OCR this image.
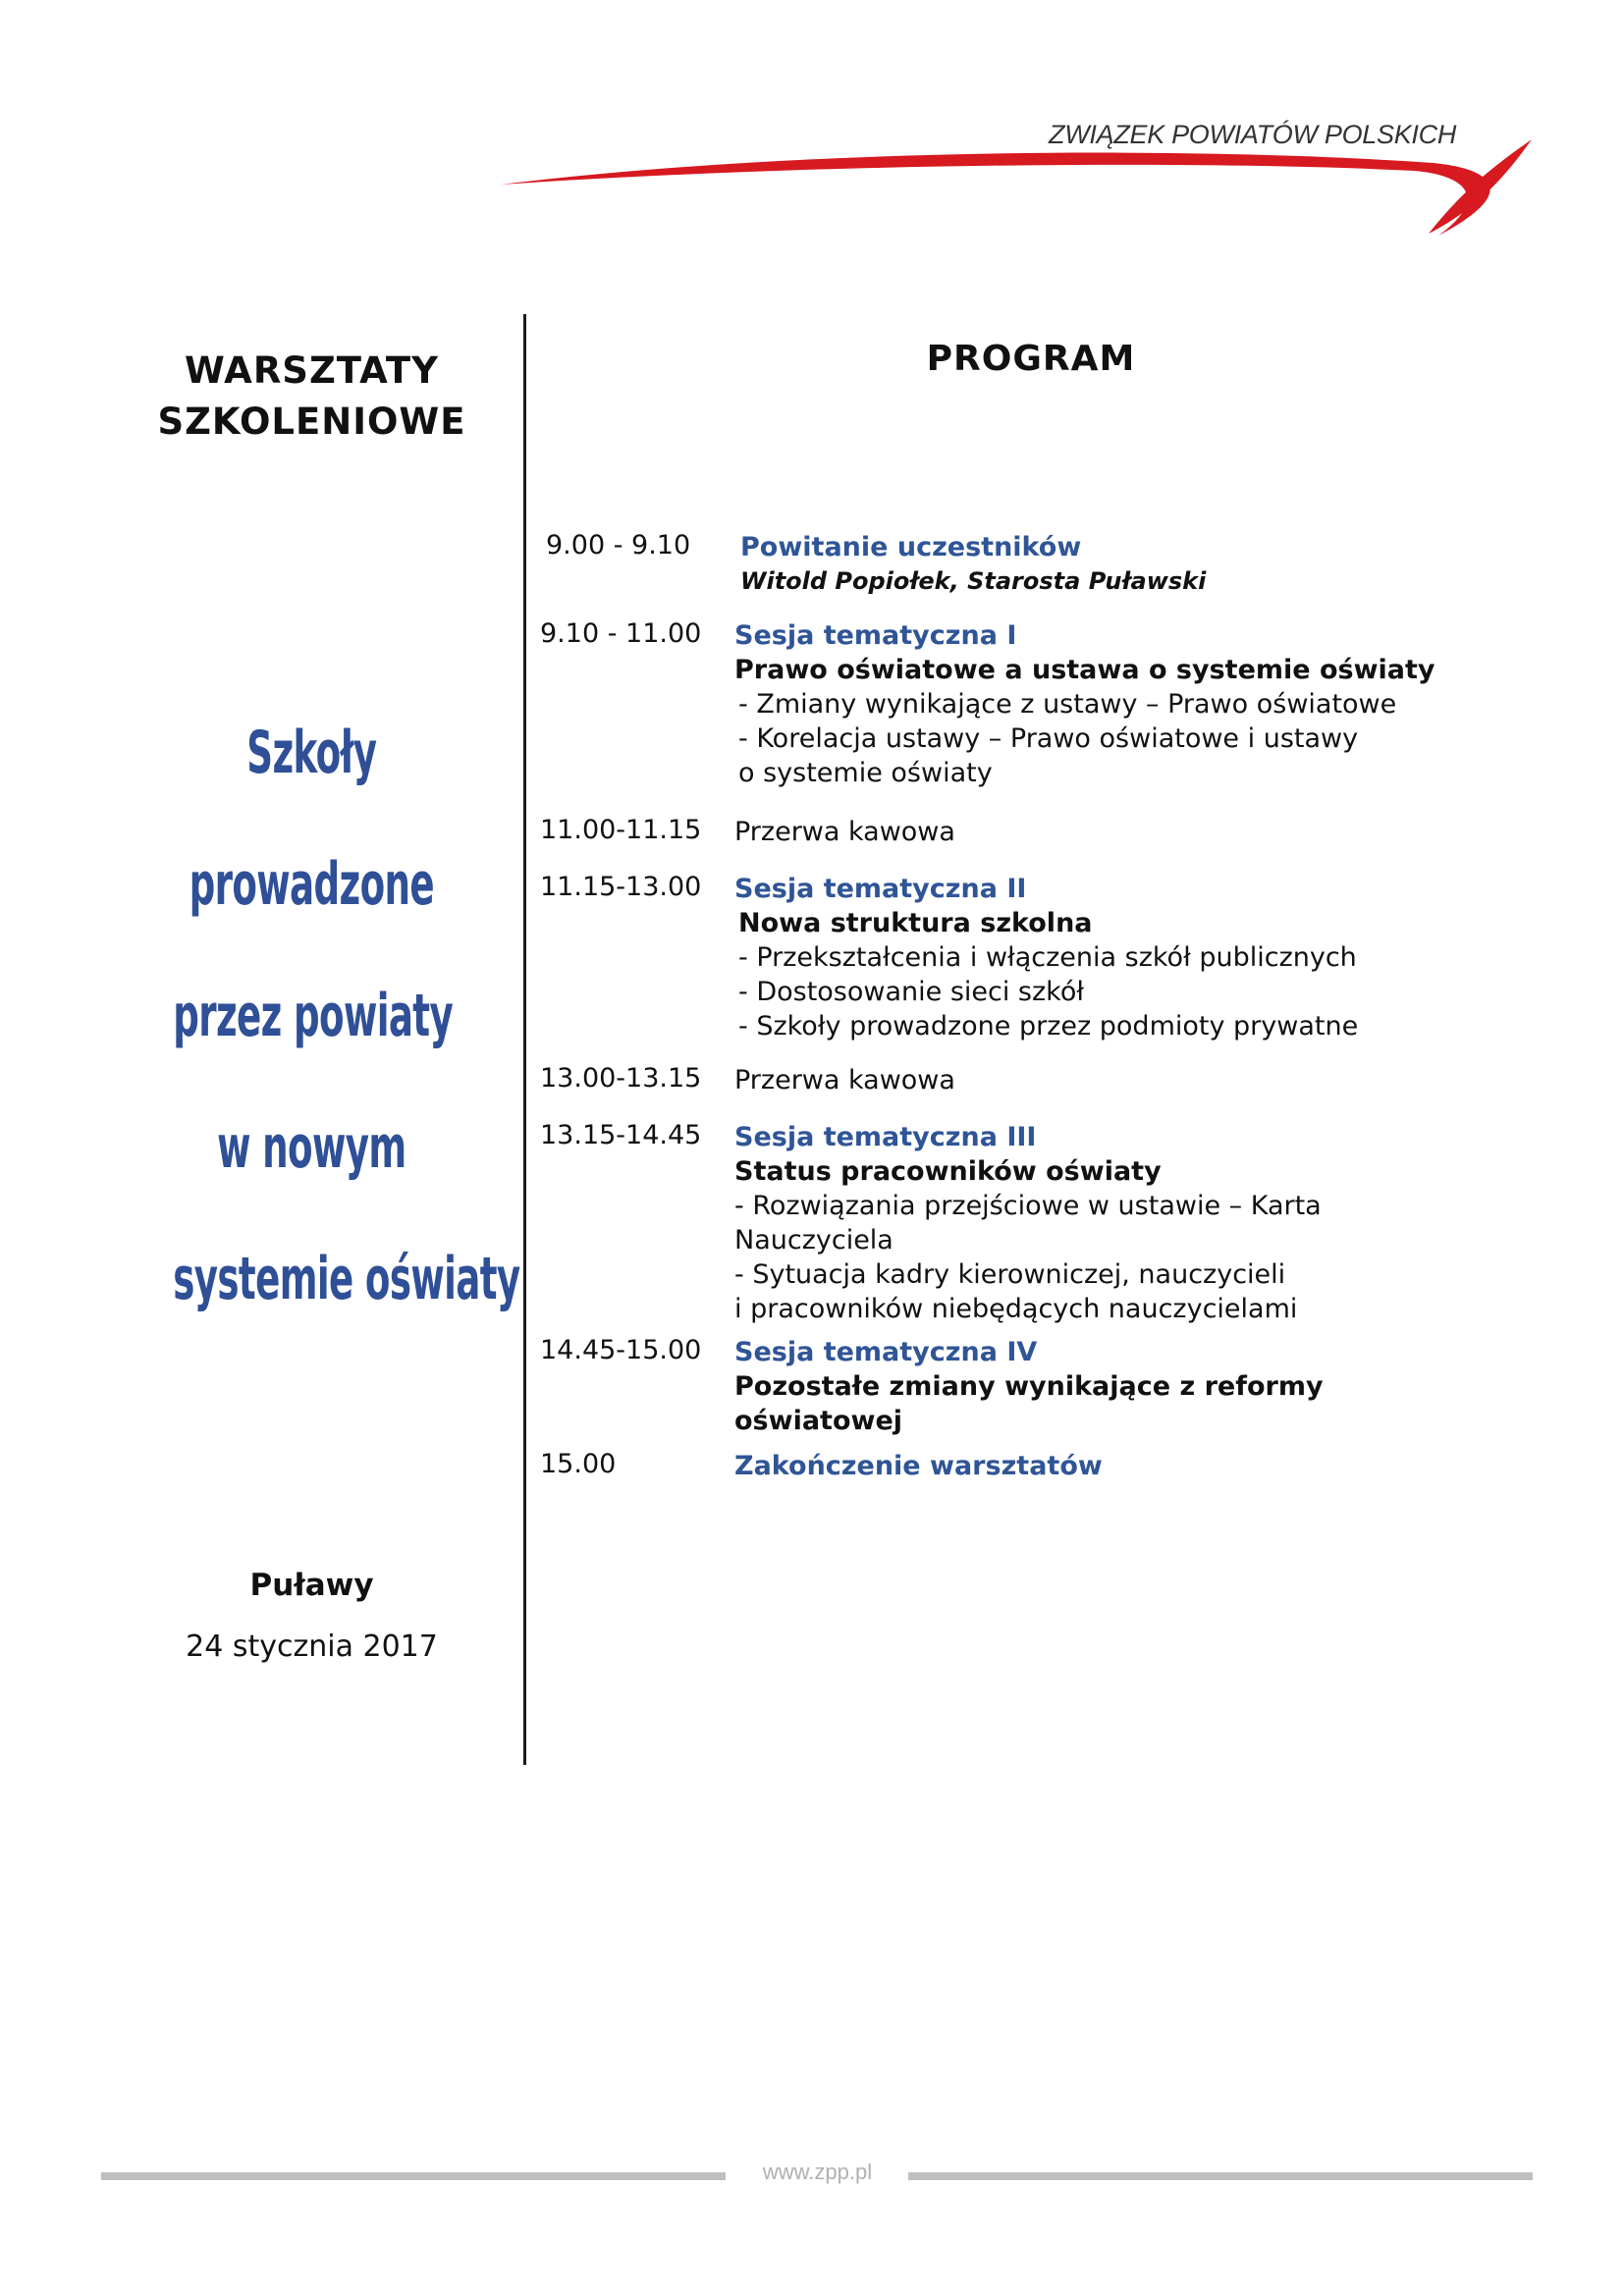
ZWIĄZEK POWIATÓW POLSKICH
WARSZTATY
SZKOLENIOWE
Szkoły
prowadzone
przez powiaty
w nowym
systemie oświaty
Puławy
24 stycznia 2017
PROGRAM
9.00 - 9.10 Powitanie uczestników
Witold Popiołek, Starosta Puławski
9.10 - 11.00 Sesja tematyczna I
Prawo oświatowe a ustawa o systemie oświaty
- Zmiany wynikające z ustawy – Prawo oświatowe
- Korelacja ustawy – Prawo oświatowe i ustawy
o systemie oświaty
11.00-11.15 Przerwa kawowa
11.15-13.00 Sesja tematyczna II
Nowa struktura szkolna
- Przekształcenia i włączenia szkół publicznych
- Dostosowanie sieci szkół
- Szkoły prowadzone przez podmioty prywatne
13.00-13.15 Przerwa kawowa
13.15-14.45 Sesja tematyczna III
Status pracowników oświaty
- Rozwiązania przejściowe w ustawie – Karta
Nauczyciela
- Sytuacja kadry kierowniczej, nauczycieli
i pracowników niebędących nauczycielami
14.45-15.00 Sesja tematyczna IV
Pozostałe zmiany wynikające z reformy
oświatowej
15.00	Zakończenie warsztatów
www.zpp.pl
